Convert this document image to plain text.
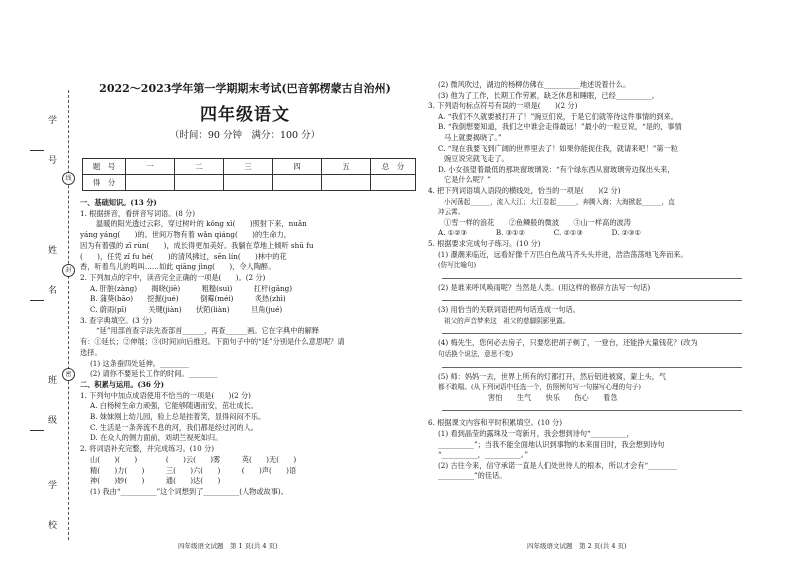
学 号
姓 名
班 级
学 校
线
封
密
2022～2023学年第一学期期末考试(巴音郭楞蒙古自治州)
四年级语文
（时间：90 分钟　满分：100 分）
题　号	一	二	三	四	五	总　分
得　分						

一、基础知识。(13 分)

1. 根据拼音，看拼音写词语。(8 分)

温暖的阳光透过云彩，穿过树叶的 kǒng xì(　　)照射下来，nuǎn

yáng yáng(　　)的。世间万物有着 wǎn qiáng(　　)的生命力，

因为有着强的 zī rùn(　　)，成长得更加美好。我躺在草地上倾听 shū fu

(　　)，任凭 zǐ fu hé(　　)的清风拂过，sēn lín(　　)林中的花

香，听着鸟儿的鸣叫……如此 qiāng jìng(　　)，令人陶醉。

2. 下列加点的字中，读音完全正确的一项是(　　)。(2 分)

A. 肝脏(zàng)　　揭晓(jiē)　　　粗糙(suì)　　　扛杆(gāng)

B. 蒲葵(bāo)　　挖掘(jué)　　　倒霉(méi)　　　炙热(zhì)

C. 蔚雨(pī)　　　关键(jiàn)　　伏陌(liàn)　　　旦角(jué)

3. 查字典填空。(3 分)

“延”用部首查字法先查部首______，再查______画。它在字典中的解释

有：①延长；②伸展；③(时间)向后推迟。下面句子中的“延”分别是什么意思呢？请

选择。

(1) 这条蚕四处延伸。________

(2) 请你不要延长工作的时间。________

二、积累与运用。(36 分)

1. 下列句中加点成语使用不恰当的一项是(　　)(2 分)

A. 白杨树生命力顽强，它能够随遇而安，茁壮成长。

B. 妹妹刚上幼儿园，验上总是挂着笑，显得闷闷不乐。

C. 生活是一条奔流不息的河，我们都是经过河的人。

D. 在众人的侧力面前，刘胡兰视死如归。

2. 将词语补充完整，并完成练习。(10 分)

山(　　)(　　)　　　　(　　)云(　　)雾　　　英(　　)无(　　)

精(　　)力(　　)　　　三(　　)六(　　)　　　(　　)声(　　)语

神(　　)妙(　　)　　　通(　　)达(　　)

(1) 我由“__________”这个词想到了__________(人物或故事)。

(2) 微风吹过，湖边的杨柳仿佛在__________地述说着什么。

(3) 他为了工作，长期工作劳累，缺乏休息和睡眠，已经__________。

3. 下列语句标点符号有误的一项是(　　)(2 分)

A. “我们不久就要被打开了！”豌豆们说，于是它们就等待这件事情的到来。

B. “我倒想要知道，我们之中谁会走得最远！”最小的一粒豆说，“是的，事情

马上就要揭晓了。”

C. “现在我要飞到广阔的世界里去了！如果你能捉住我，就请来吧！”第一粒

豌豆说完就飞走了。

D. 小女孩望着最低的那块窗玻璃说：“有个绿东西从窗玻璃旁边探出头来，

它是什么呢？”

4. 把下列词语填入语段的横线处，恰当的一项是(　　)(2 分)

小河荡起______，流入大江；大江卷起______，奔腾入海；大海掀起______，直

冲云霄。

①雪一样的浪花　　②鱼鳞般的微波　　③山一样高的波涛

A. ①②③　　　　B. ③①②　　　　C. ②①③　　　　D. ②③①

5. 根据要求完成句子练习。(10 分)

(1) 瀑潮来临近，远看好像千万匹白色战马齐头头并进，浩浩荡荡地飞奔而来。

(仿写比喻句)

(2) 是谁来呼风唤雨呢？当然是人类。(用这样的修辞方法写一句话)

(3) 用恰当的关联词语把两句话连成一句话。

祖父的声音梦来这　祖父的慈脚阴影里露。

(4) 梅先生，您何必去房子，只要您把胡子剃了，一登台，还能挣大量钱花？(改为

句话换个说法，意思不变)

(5) 师：妈妈一去，世界上所有的灯都打开，然后铝进被窝，蒙上头，气

都不敢喘。(从下列词语中任选一个，仿照例句写一句描写心理的句子)

害怕　　生气　　快乐　　伤心　　着急

6. 根据课文内容和平时积累填空。(10 分)

(1) 看到晶莹的露珠及一弯新月，我会想到诗句“__________，

__________”；当我不能全面地认识到事物的本来面目时，我会想到诗句

“__________，__________。”

(2) 古往今来，信守承诺一直是人们处世待人的根本，所以才会有“________

__________”的佳话。

四年级语文试题　第 1 页(共 4 页)	四年级语文试题　第 2 页(共 4 页)
